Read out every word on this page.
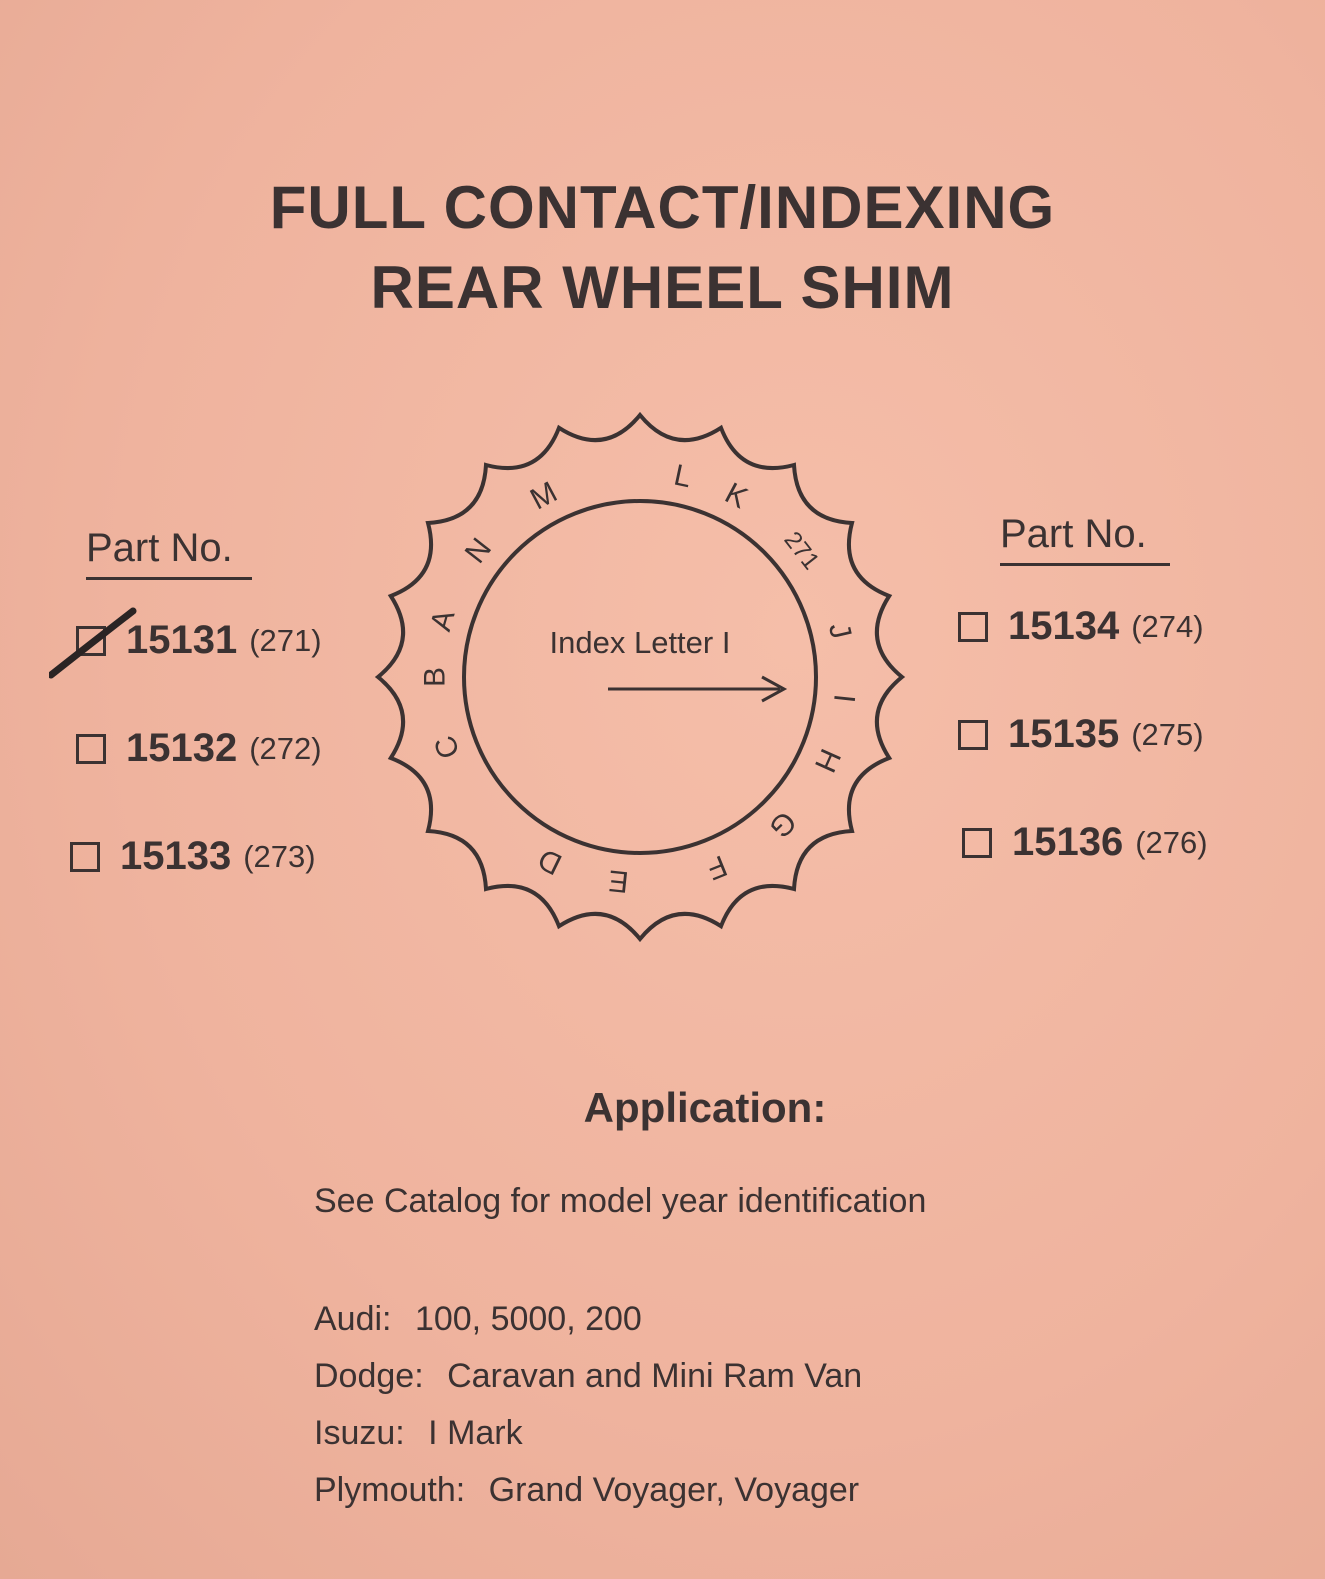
FULL CONTACT/INDEXING
REAR WHEEL SHIM
Part No.	Part No.
15131 (271)
15132 (272)
15133 (273)
15134 (274)
15135 (275)
15136 (276)
A
B
C
D
E F
G
H
I
J
K
L
M
N	271
Index Letter I
Application:
See Catalog for model year identification
Audi: 100, 5000, 200
Dodge: Caravan and Mini Ram Van
Isuzu: I Mark
Plymouth: Grand Voyager, Voyager
